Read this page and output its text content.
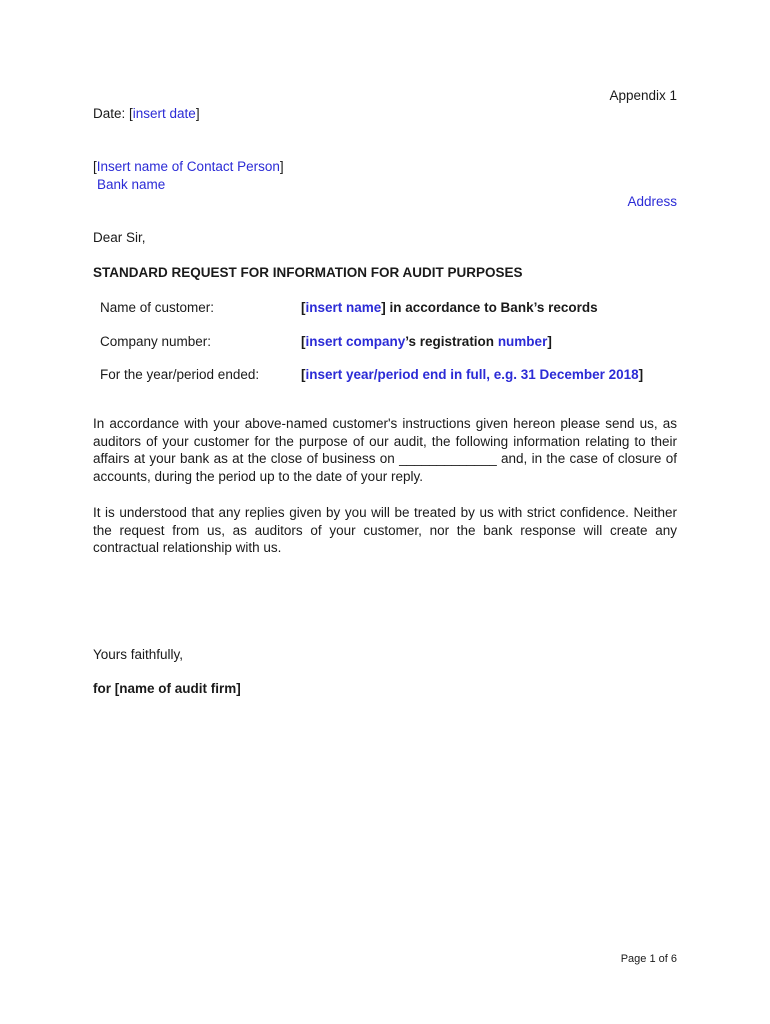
Appendix 1
Date: [insert date]
[Insert name of Contact Person]
Bank name
Address
Dear Sir,
STANDARD REQUEST FOR INFORMATION FOR AUDIT PURPOSES
Name of customer:	[insert name] in accordance to Bank’s records
Company number:	[insert company’s registration number]
For the year/period ended:	[insert year/period end in full, e.g. 31 December 2018]
In accordance with your above-named customer's instructions given hereon please send us, as auditors of your customer for the purpose of our audit, the following information relating to their affairs at your bank as at the close of business on _____________ and, in the case of closure of accounts, during the period up to the date of your reply.
It is understood that any replies given by you will be treated by us with strict confidence. Neither the request from us, as auditors of your customer, nor the bank response will create any contractual relationship with us.
Yours faithfully,
for [name of audit firm]
Page 1 of 6
